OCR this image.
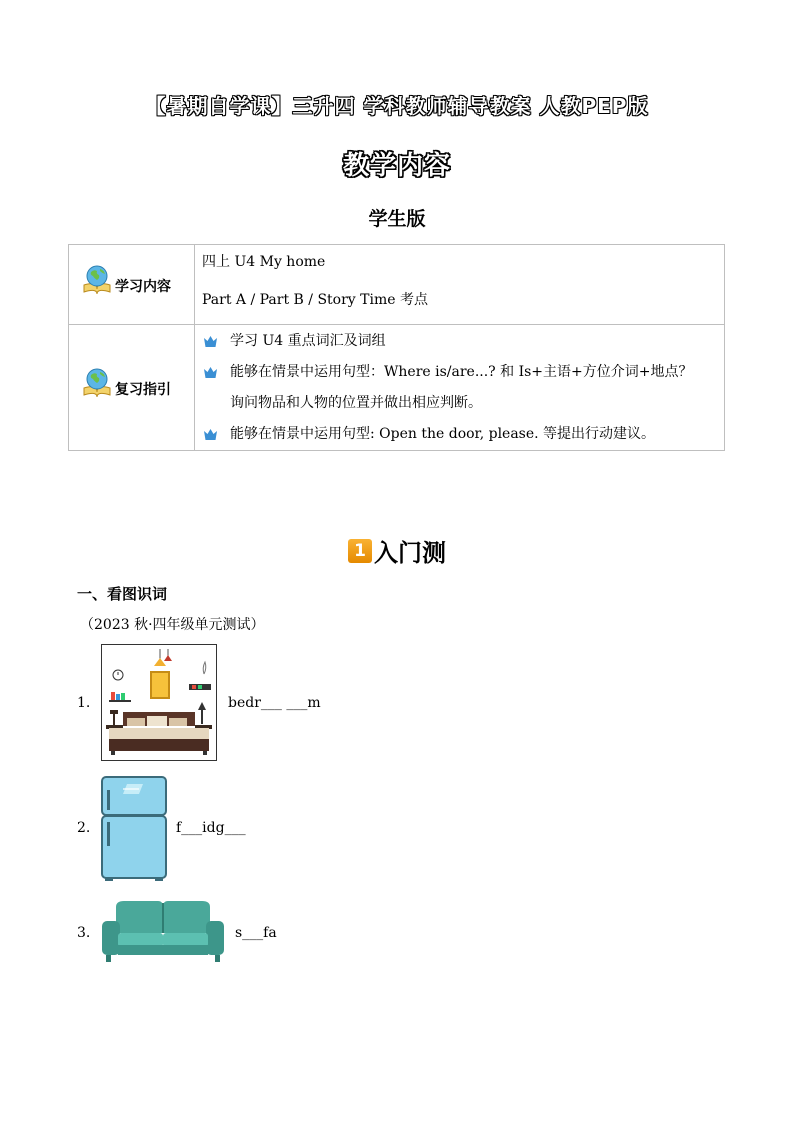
【暑期自学课】三升四 学科教师辅导教案 人教PEP版
教学内容
学生版
学习内容	四上 U4 My home
Part A / Part B / Story Time 考点

复习指引	学习 U4 重点词汇及词组
能够在情景中运用句型：Where is/are...? 和 Is+主语+方位介词+地点？
询问物品和人物的位置并做出相应判断。
能够在情景中运用句型: Open the door, please. 等提出行动建议。
1 入门测
一、看图识词
（2023 秋·四年级单元测试）
1.	bedr___ ___m
2.	f___idg___
3.	s___fa
